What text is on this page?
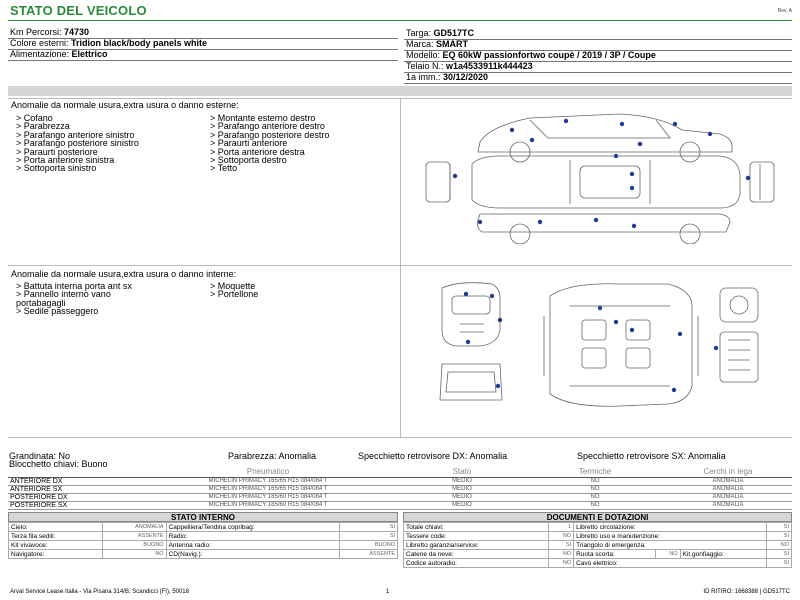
STATO DEL VEICOLO	Rev. A
Km Percorsi: 74730
Colore esterni: Tridion black/body panels white
Alimentazione: Elettrico
Targa: GD517TC
Marca: SMART
Modello: EQ 60kW passionfortwo coupè / 2019 / 3P / Coupe
Telaio N.: w1a4533911k444423
1a imm.: 30/12/2020
Anomalie da normale usura,extra usura o danno esterne:
> Cofano
> Parabrezza
> Parafango anteriore sinistro
> Parafango posteriore sinistro
> Paraurti posteriore
> Porta anteriore sinistra
> Sottoporta sinistro
> Montante esterno destro
> Parafango anteriore destro
> Parafango posteriore destro
> Paraurti anteriore
> Porta anteriore destra
> Sottoporta destro
> Tetto
Anomalie da normale usura,extra usura o danno interne:
> Battuta interna porta ant sx
> Pannello interno vano
portabagagli
> Sedile passeggero
> Moquette
> Portellone
Grandinata: No	Parabrezza: Anomalia	Specchietto retrovisore DX: Anomalia	Specchietto retrovisore SX: Anomalia
Blocchetto chiavi: Buono
	Pneumatico	Stato	Termiche	Cerchi in lega
ANTERIORE DX	MICHELIN PRIMACY 165/65 R15 084/084 T	MEDIO	NO	ANOMALIA
ANTERIORE SX	MICHELIN PRIMACY 165/65 R15 084/084 T	MEDIO	NO	ANOMALIA
POSTERIORE DX	MICHELIN PRIMACY 185/60 R15 084/084 T	MEDIO	NO	ANOMALIA
POSTERIORE SX	MICHELIN PRIMACY 185/60 R15 084/084 T	MEDIO	NO	ANOMALIA
STATO INTERNO
Cielo:	ANOMALIA	Cappelliera/Tendina copribag:	SI
Terza fila sedili:	ASSENTE	Radio:	SI
Kit vivavoce:	BUONO	Antenna radio:	BUONO
Navigatore:	NO	CD(Navig.):	ASSENTE
DOCUMENTI E DOTAZIONI
Totale chiavi:	1	Libretto circolazione:			SI
Tessere code:	NO	Libretto uso e manutenzione:			SI
Libretto garanzia/service:	SI	Triangolo di emergenza:			NO
Catene da neve:	NO	Ruota scorta:	NO	Kit gonfiaggio:	SI
Codice autoradio:	NO	Cavo elettrico:			SI
Arval Service Lease Italia - Via Pisana 314/B, Scandicci (FI), 50018	1	ID RITIRO: 1668388 | GD517TC
